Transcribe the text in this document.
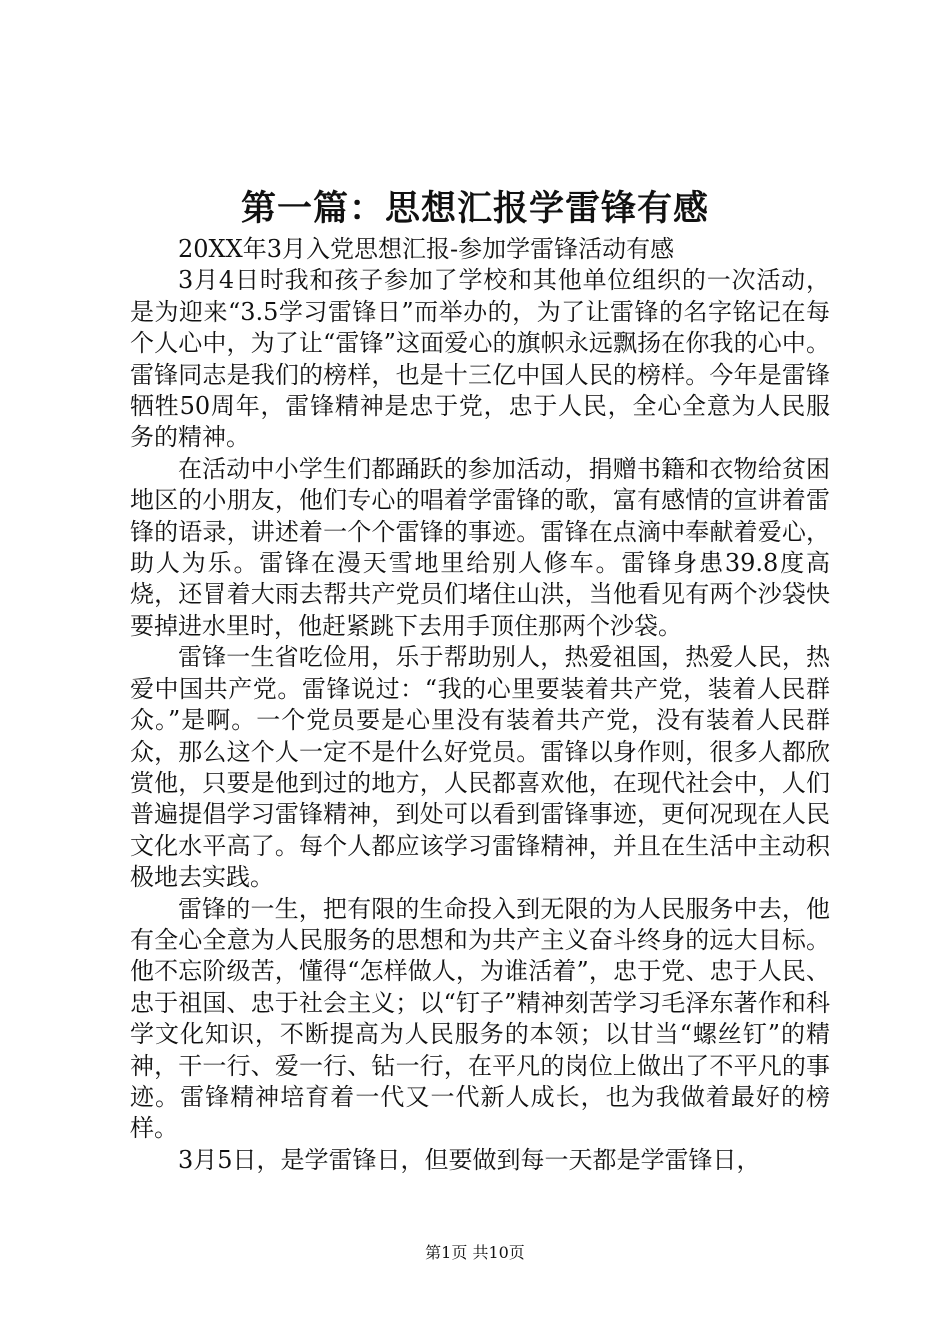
第一篇：思想汇报学雷锋有感

20XX年3月入党思想汇报-参加学雷锋活动有感

3月4日时我和孩子参加了学校和其他单位组织的一次活动，是为迎来“3.5学习雷锋日”而举办的，为了让雷锋的名字铭记在每个人心中，为了让“雷锋”这面爱心的旗帜永远飘扬在你我的心中。雷锋同志是我们的榜样，也是十三亿中国人民的榜样。今年是雷锋牺牲50周年，雷锋精神是忠于党，忠于人民，全心全意为人民服务的精神。

在活动中小学生们都踊跃的参加活动，捐赠书籍和衣物给贫困地区的小朋友，他们专心的唱着学雷锋的歌，富有感情的宣讲着雷锋的语录，讲述着一个个雷锋的事迹。雷锋在点滴中奉献着爱心，助人为乐。雷锋在漫天雪地里给别人修车。雷锋身患39.8度高烧，还冒着大雨去帮共产党员们堵住山洪，当他看见有两个沙袋快要掉进水里时，他赶紧跳下去用手顶住那两个沙袋。

雷锋一生省吃俭用，乐于帮助别人，热爱祖国，热爱人民，热爱中国共产党。雷锋说过：“我的心里要装着共产党，装着人民群众。”是啊。一个党员要是心里没有装着共产党，没有装着人民群众，那么这个人一定不是什么好党员。雷锋以身作则，很多人都欣赏他，只要是他到过的地方，人民都喜欢他，在现代社会中，人们普遍提倡学习雷锋精神，到处可以看到雷锋事迹，更何况现在人民文化水平高了。每个人都应该学习雷锋精神，并且在生活中主动积极地去实践。

雷锋的一生，把有限的生命投入到无限的为人民服务中去，他有全心全意为人民服务的思想和为共产主义奋斗终身的远大目标。他不忘阶级苦，懂得“怎样做人，为谁活着”，忠于党、忠于人民、忠于祖国、忠于社会主义；以“钉子”精神刻苦学习毛泽东著作和科学文化知识，不断提高为人民服务的本领；以甘当“螺丝钉”的精神，干一行、爱一行、钻一行，在平凡的岗位上做出了不平凡的事迹。雷锋精神培育着一代又一代新人成长，也为我做着最好的榜样。

3月5日，是学雷锋日，但要做到每一天都是学雷锋日，

第1页 共10页
